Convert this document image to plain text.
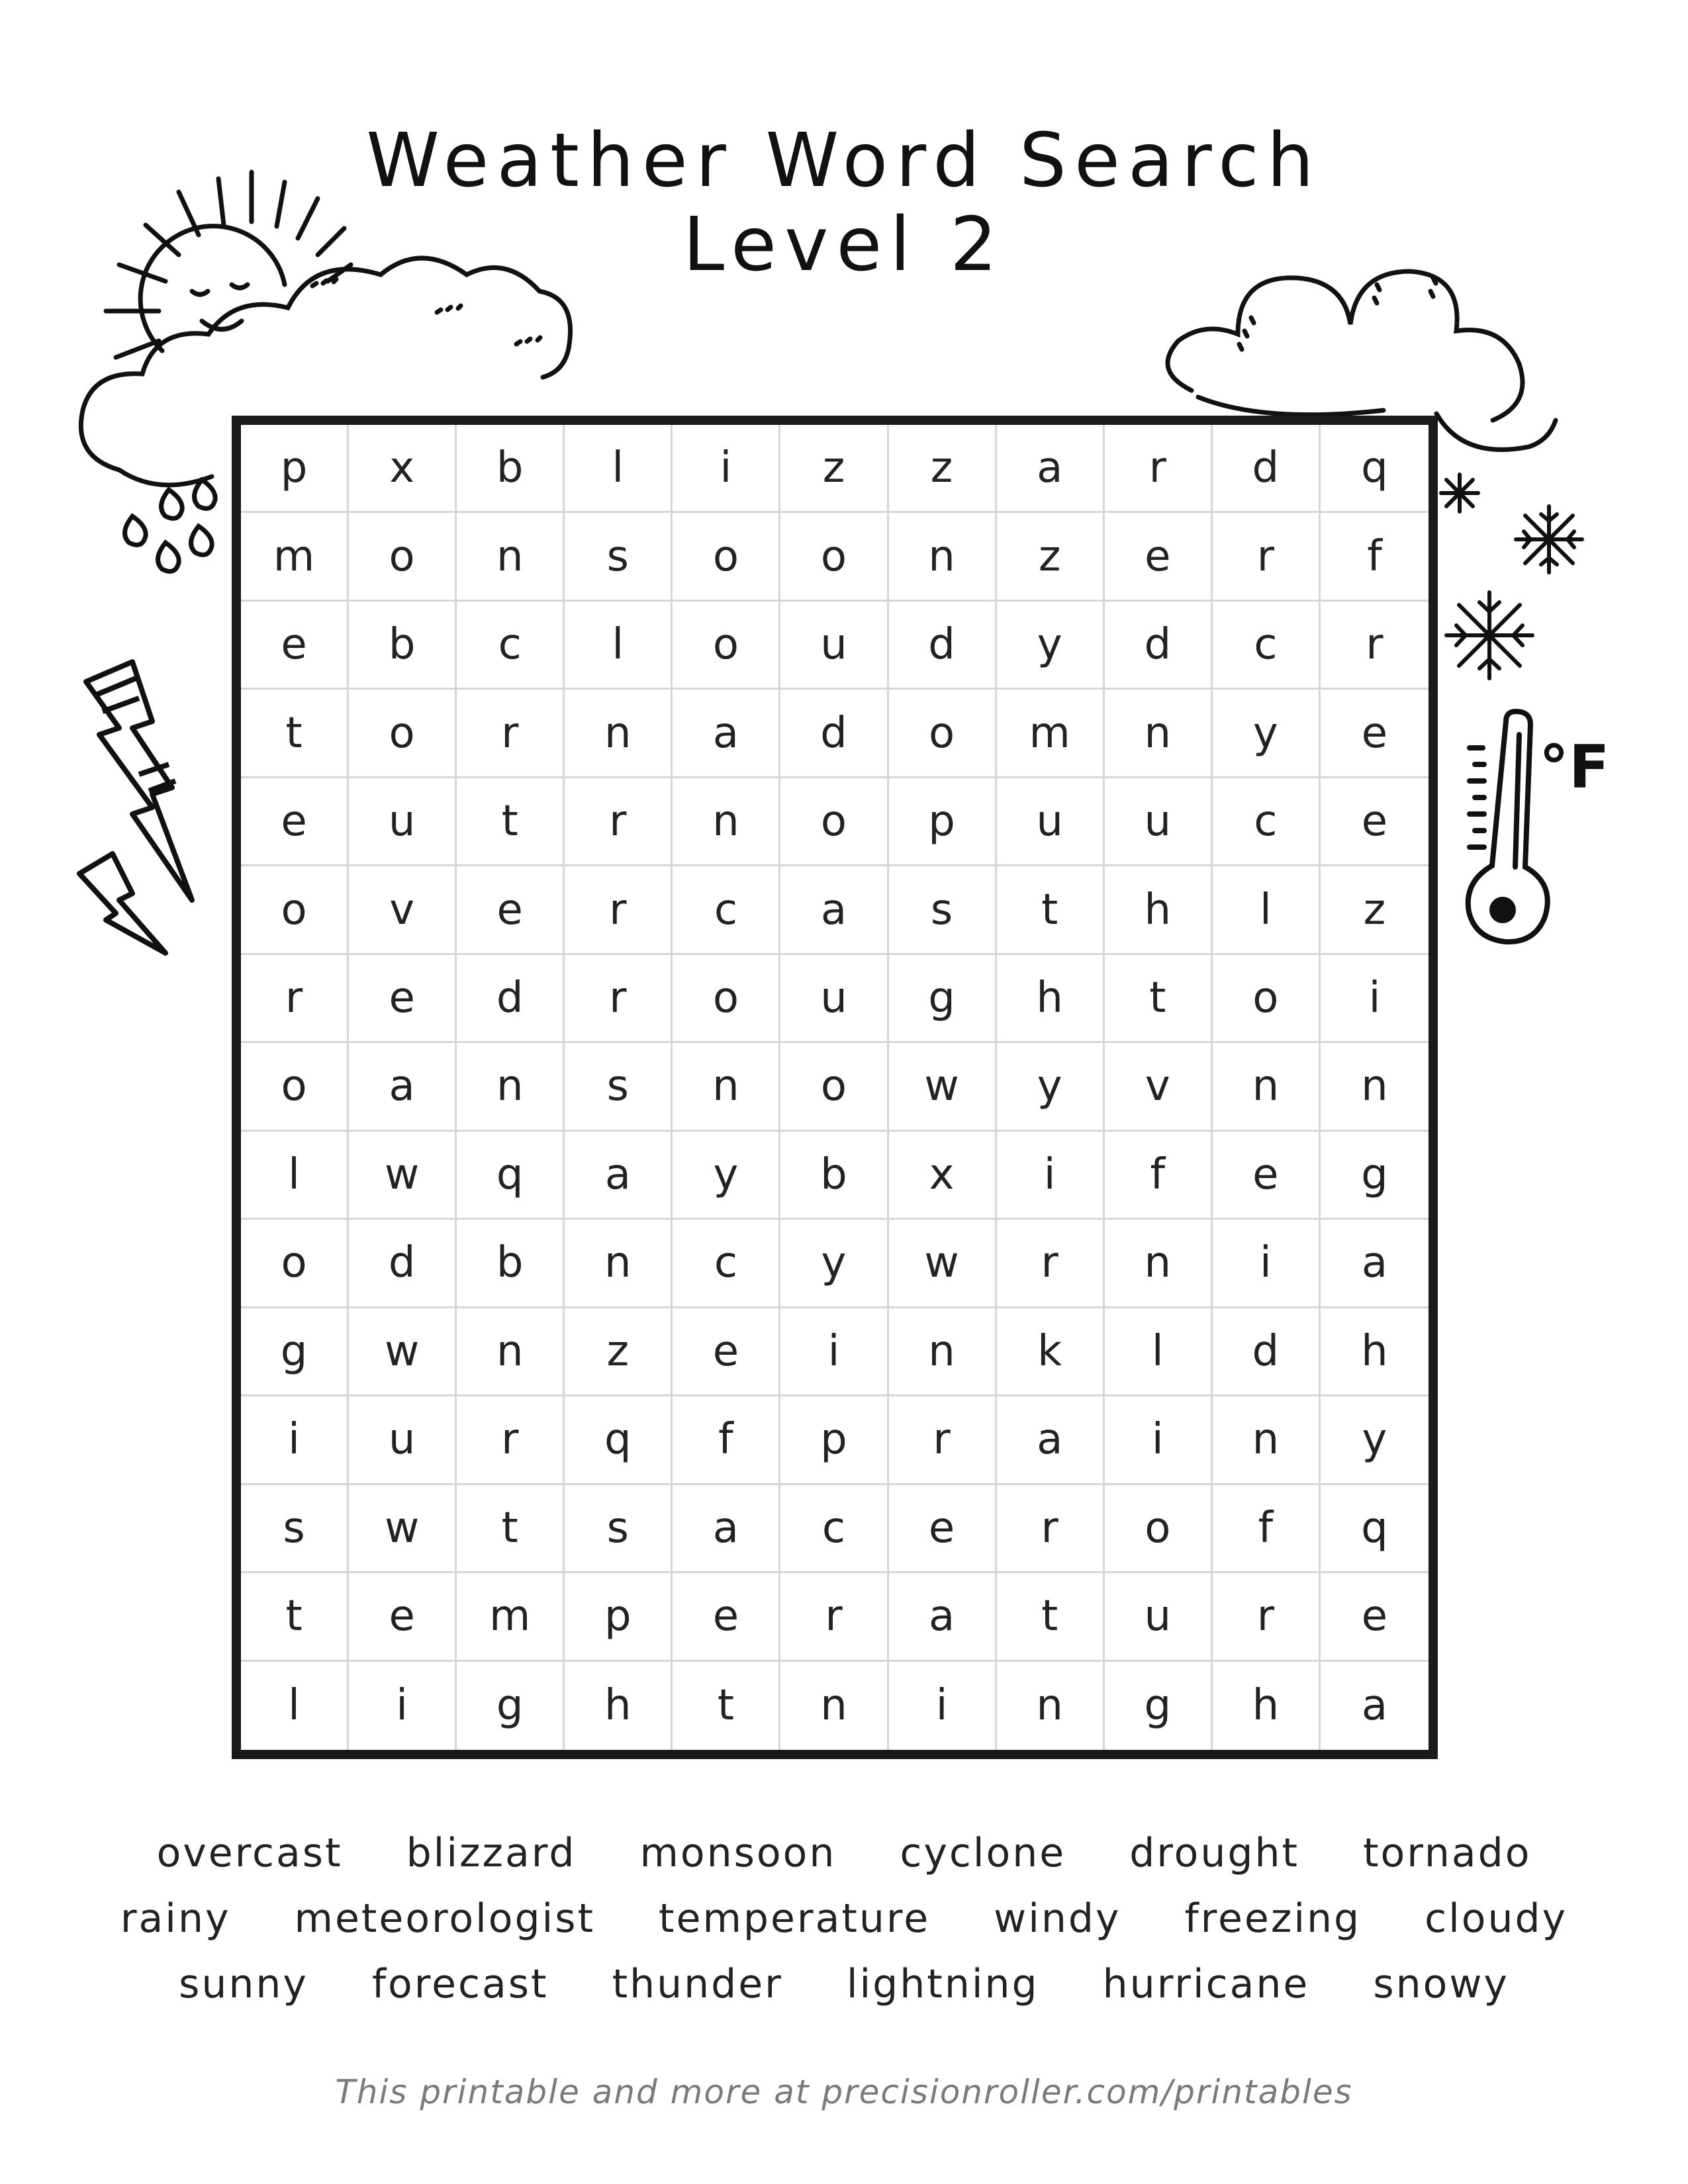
Weather Word Search
Level 2
°F
p	x	b	l	i	z	z	a	r	d	q
m	o	n	s	o	o	n	z	e	r	f
e	b	c	l	o	u	d	y	d	c	r
t	o	r	n	a	d	o	m	n	y	e
e	u	t	r	n	o	p	u	u	c	e
o	v	e	r	c	a	s	t	h	l	z
r	e	d	r	o	u	g	h	t	o	i
o	a	n	s	n	o	w	y	v	n	n
l	w	q	a	y	b	x	i	f	e	g
o	d	b	n	c	y	w	r	n	i	a
g	w	n	z	e	i	n	k	l	d	h
i	u	r	q	f	p	r	a	i	n	y
s	w	t	s	a	c	e	r	o	f	q
t	e	m	p	e	r	a	t	u	r	e
l	i	g	h	t	n	i	n	g	h	a
overcast blizzard monsoon cyclone drought tornado
rainy meteorologist temperature windy freezing cloudy
sunny forecast thunder lightning hurricane snowy
This printable and more at precisionroller.com/printables
